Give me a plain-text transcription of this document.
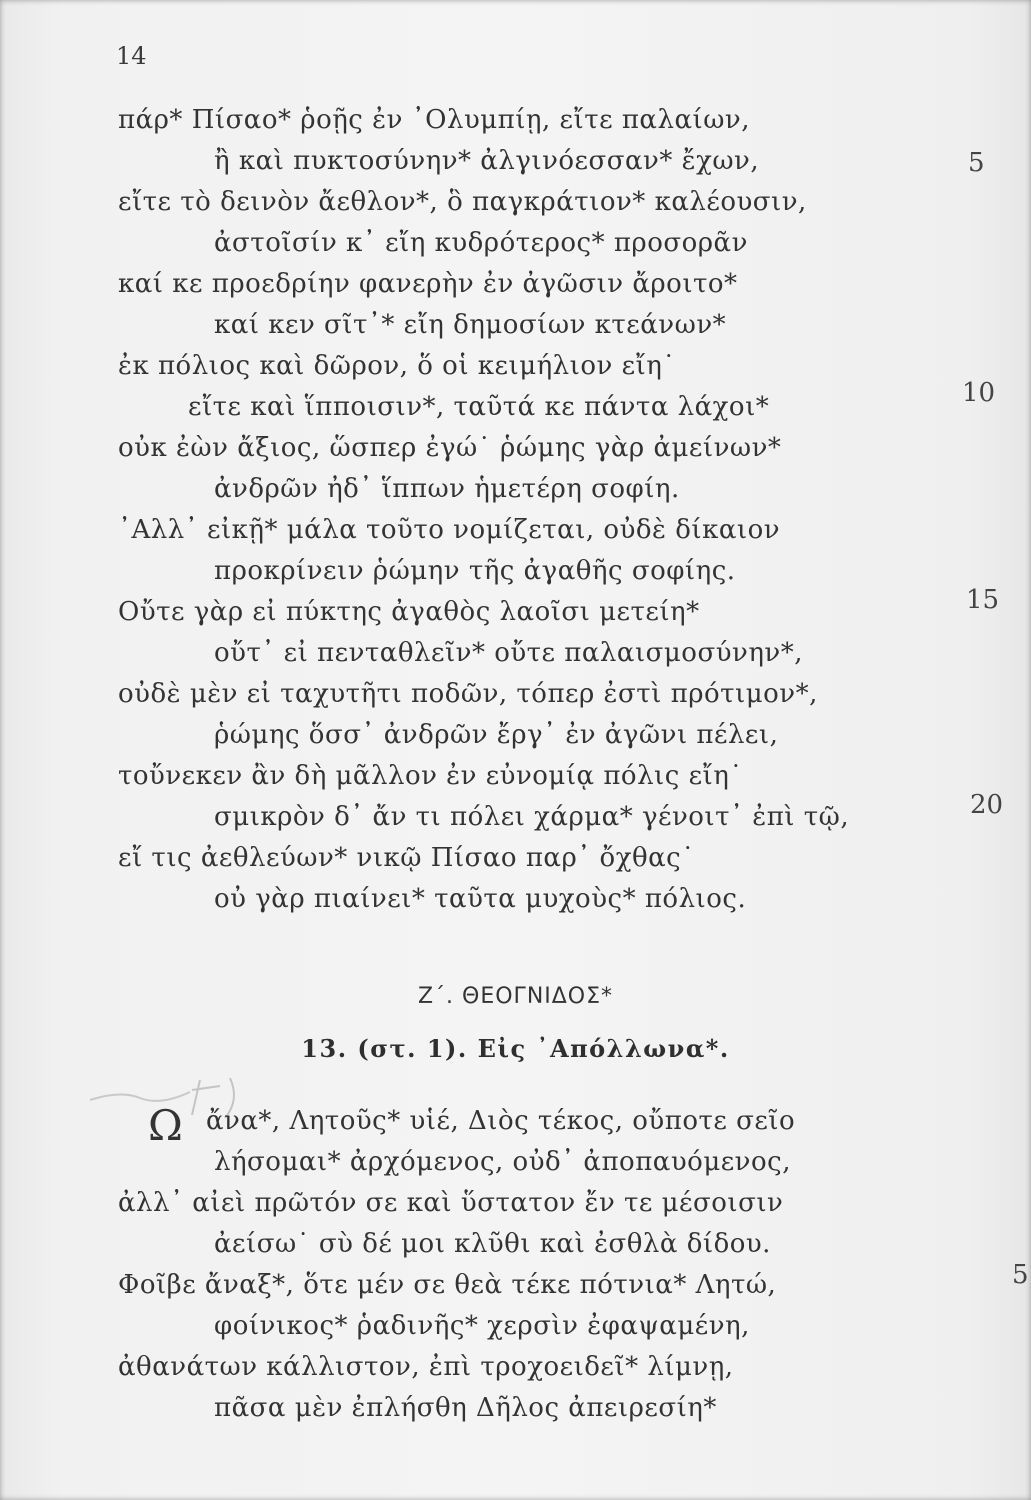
14
πάρ* Πίσαο* ῥοῇς ἐν ᾿Ολυμπίῃ, εἴτε παλαίων,
ἢ καὶ πυκτοσύνην* ἀλγινόεσσαν* ἔχων,
εἴτε τὸ δεινὸν ἄεθλον*, ὃ παγκράτιον* καλέουσιν,
ἀστοῖσίν κ᾿ εἴη κυδρότερος* προσορᾶν
καί κε προεδρίην φανερὴν ἐν ἀγῶσιν ἄροιτο*
καί κεν σῖτ᾿* εἴη δημοσίων κτεάνων*
ἐκ πόλιος καὶ δῶρον, ὅ οἱ κειμήλιον εἴη˙
εἴτε καὶ ἵπποισιν*, ταῦτά κε πάντα λάχοι*
οὐκ ἐὼν ἄξιος, ὥσπερ ἐγώ˙ ῥώμης γὰρ ἀμείνων*
ἀνδρῶν ἠδ᾿ ἵππων ἡμετέρη σοφίη.
᾿Αλλ᾿ εἰκῇ* μάλα τοῦτο νομίζεται, οὐδὲ δίκαιον
προκρίνειν ῥώμην τῆς ἀγαθῆς σοφίης.
Οὔτε γὰρ εἰ πύκτης ἀγαθὸς λαοῖσι μετείη*
οὔτ᾿ εἰ πενταθλεῖν* οὔτε παλαισμοσύνην*,
οὐδὲ μὲν εἰ ταχυτῆτι ποδῶν, τόπερ ἐστὶ πρότιμον*,
ῥώμης ὅσσ᾿ ἀνδρῶν ἔργ᾿ ἐν ἀγῶνι πέλει,
τοὔνεκεν ἂν δὴ μᾶλλον ἐν εὐνομίᾳ πόλις εἴη˙
σμικρὸν δ᾿ ἄν τι πόλει χάρμα* γένοιτ᾿ ἐπὶ τῷ,
εἴ τις ἀεθλεύων* νικῷ Πίσαο παρ᾿ ὄχθας˙
οὐ γὰρ πιαίνει* ταῦτα μυχοὺς* πόλιος.
5
10
15
20
Ζ΄. ΘΕΟΓΝΙΔΟΣ*
13. (στ. 1). Εἰς ᾿Απόλλωνα*.
Ω ἄνα*, Λητοῦς* υἱέ, Διὸς τέκος, οὔποτε σεῖο
λήσομαι* ἀρχόμενος, οὐδ᾿ ἀποπαυόμενος,
ἀλλ᾿ αἰεὶ πρῶτόν σε καὶ ὕστατον ἔν τε μέσοισιν
ἀείσω˙ σὺ δέ μοι κλῦθι καὶ ἐσθλὰ δίδου.
Φοῖβε ἄναξ*, ὅτε μέν σε θεὰ τέκε πότνια* Λητώ,
φοίνικος* ῥαδινῆς* χερσὶν ἐφαψαμένη,
ἀθανάτων κάλλιστον, ἐπὶ τροχοειδεῖ* λίμνῃ,
πᾶσα μὲν ἐπλήσθη Δῆλος ἀπειρεσίη*
5
